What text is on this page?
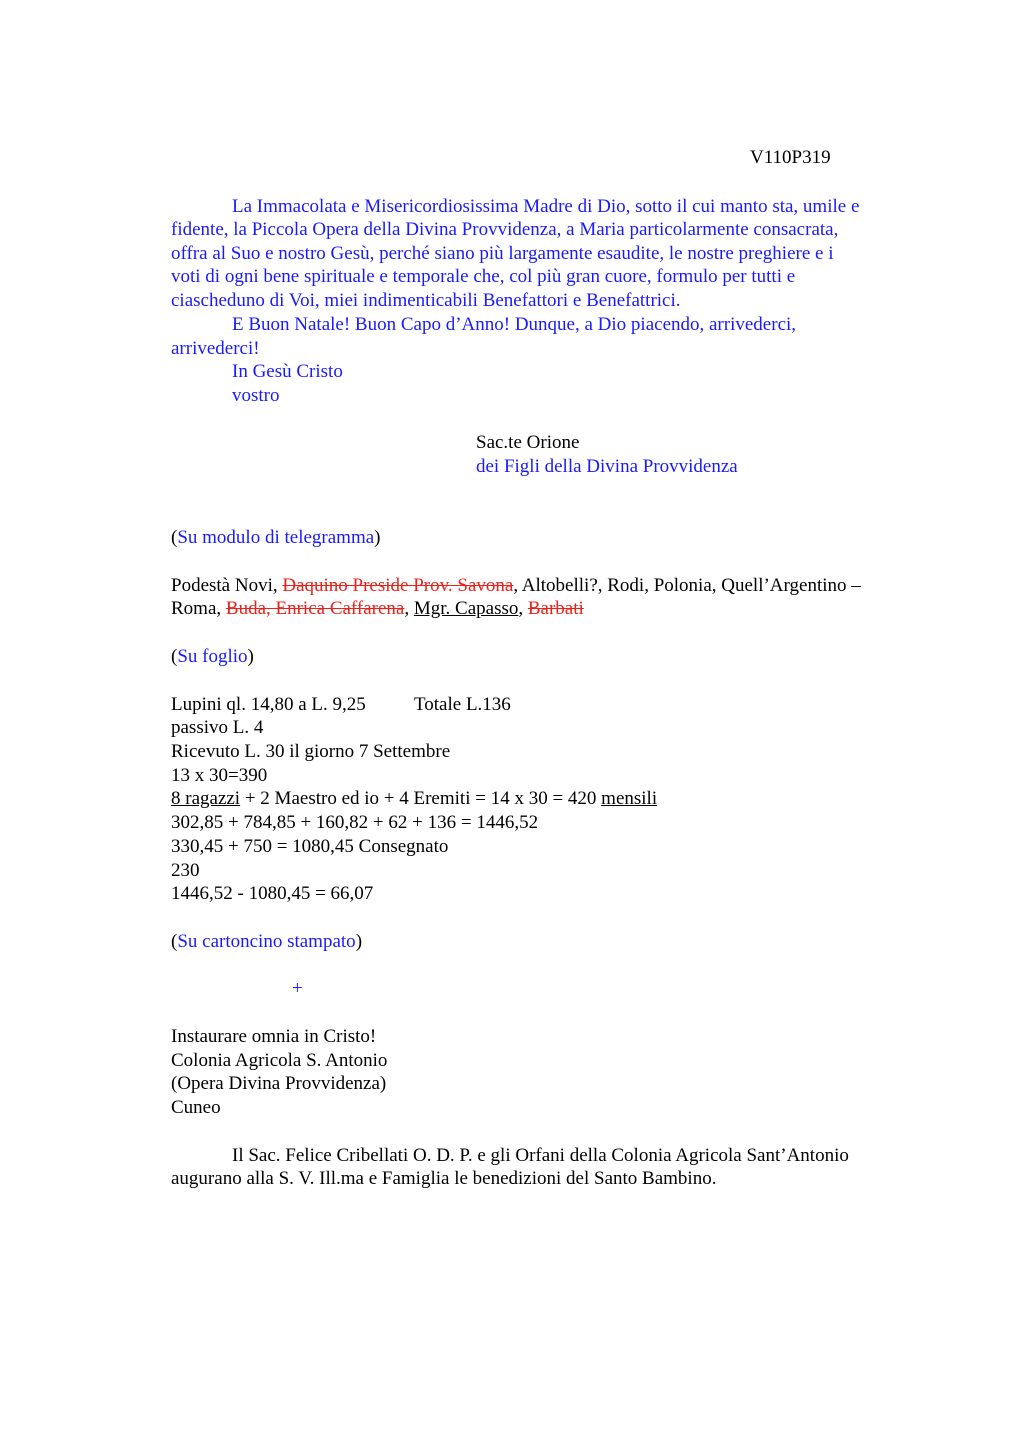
V110P319
La Immacolata e Misericordiosissima Madre di Dio, sotto il cui manto sta, umile e
fidente, la Piccola Opera della Divina Provvidenza, a Maria particolarmente consacrata,
offra al Suo e nostro Gesù, perché siano più largamente esaudite, le nostre preghiere e i
voti di ogni bene spirituale e temporale che, col più gran cuore, formulo per tutti e
ciascheduno di Voi, miei indimenticabili Benefattori e Benefattrici.
E Buon Natale! Buon Capo d’Anno! Dunque, a Dio piacendo, arrivederci,
arrivederci!
In Gesù Cristo
vostro
Sac.te Orione
dei Figli della Divina Provvidenza
(Su modulo di telegramma)
Podestà Novi, Daquino Preside Prov. Savona, Altobelli?, Rodi, Polonia, Quell’Argentino –
Roma, Buda, Enrica Caffarena, Mgr. Capasso, Barbati
(Su foglio)
Lupini ql. 14,80 a L. 9,25	Totale L.136
passivo L. 4
Ricevuto L. 30 il giorno 7 Settembre
13 x 30=390
8 ragazzi + 2 Maestro ed io + 4 Eremiti = 14 x 30 = 420 mensili
302,85 + 784,85 + 160,82 + 62 + 136 = 1446,52
330,45 + 750 = 1080,45 Consegnato
230
1446,52 - 1080,45 = 66,07
(Su cartoncino stampato)
+
Instaurare omnia in Cristo!
Colonia Agricola S. Antonio
(Opera Divina Provvidenza)
Cuneo
Il Sac. Felice Cribellati O. D. P. e gli Orfani della Colonia Agricola Sant’Antonio
augurano alla S. V. Ill.ma e Famiglia le benedizioni del Santo Bambino.
